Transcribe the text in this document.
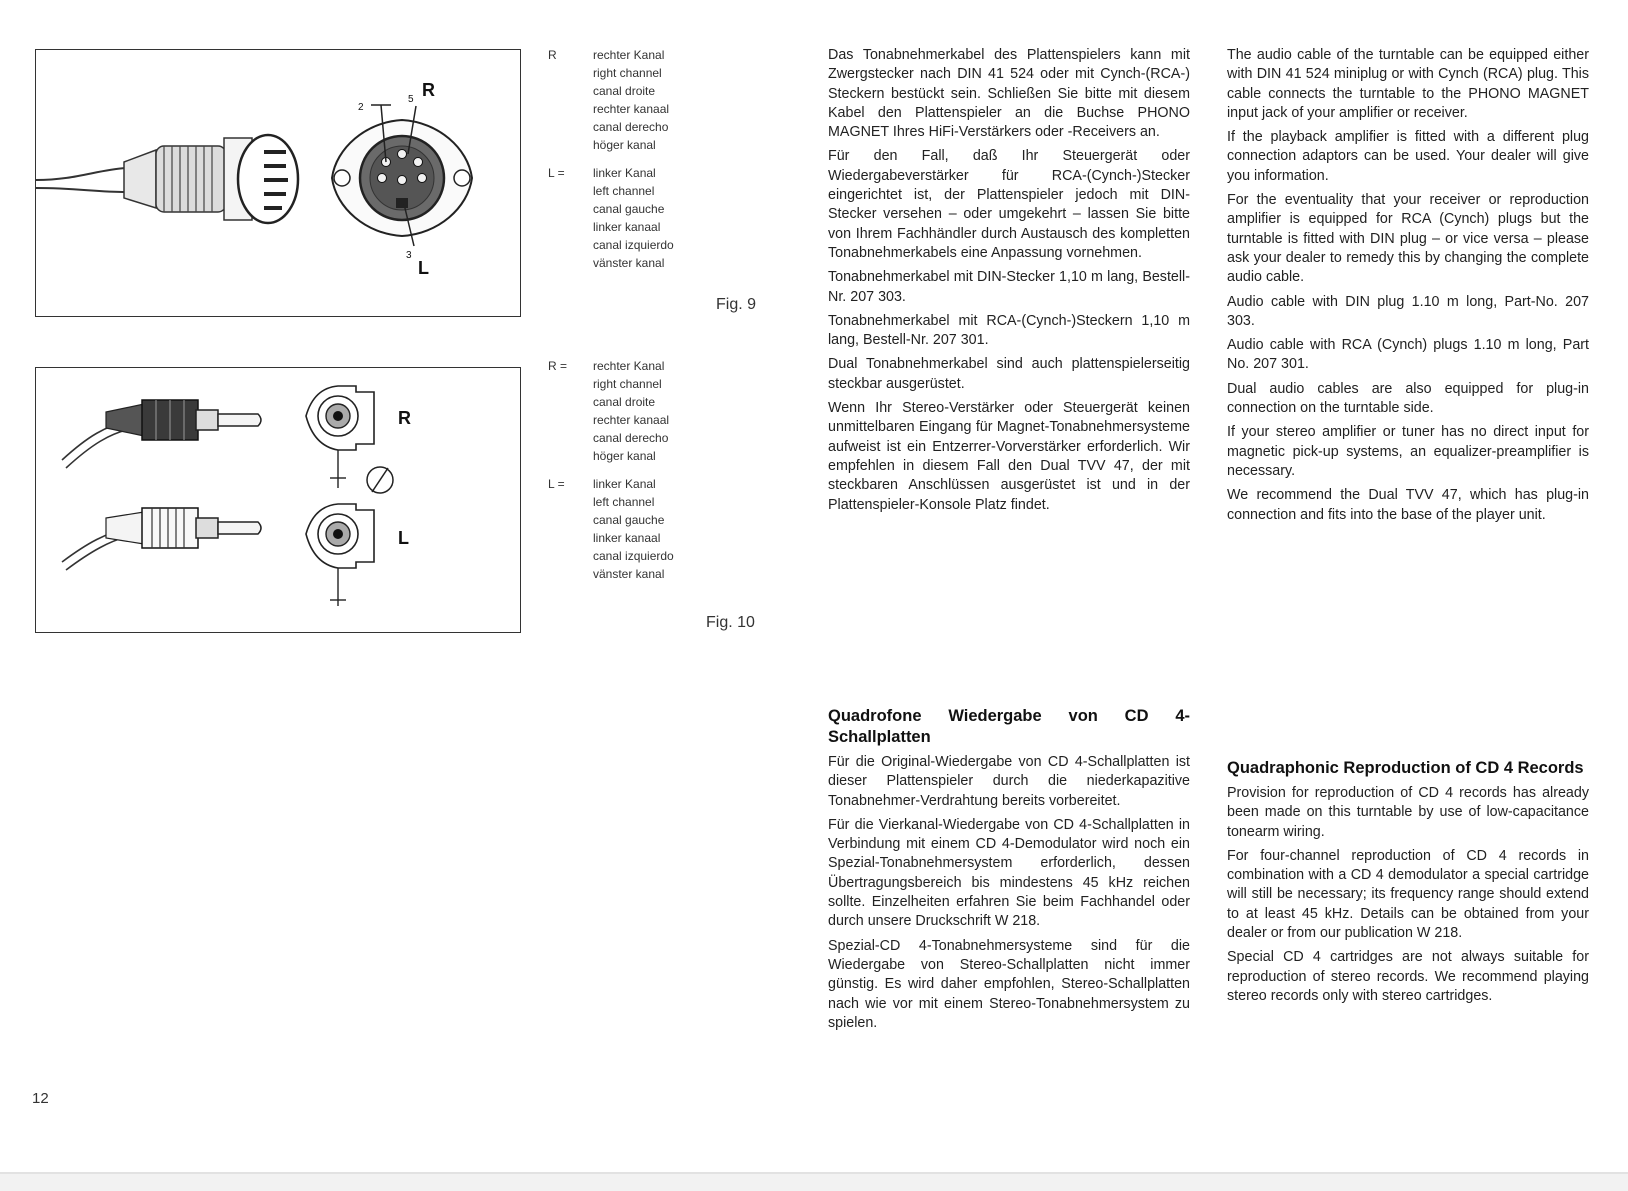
R
2
5
3
L
R	rechter Kanal
right channel
canal droite
rechter kanaal
canal derecho
höger kanal
L =	linker Kanal
left channel
canal gauche
linker kanaal
canal izquierdo
vänster kanal
Fig. 9
R
L
R =	rechter Kanal
right channel
canal droite
rechter kanaal
canal derecho
höger kanal
L =	linker Kanal
left channel
canal gauche
linker kanaal
canal izquierdo
vänster kanal
Fig. 10

Das Tonabnehmerkabel des Plattenspielers kann mit Zwergstecker nach DIN 41 524 oder mit Cynch-(RCA-) Steckern bestückt sein. Schließen Sie bitte mit diesem Kabel den Plattenspieler an die Buchse PHONO MAGNET Ihres HiFi-Verstärkers oder -Receivers an.

Für den Fall, daß Ihr Steuergerät oder Wiedergabeverstärker für RCA-(Cynch-)Stecker eingerichtet ist, der Plattenspieler jedoch mit DIN-Stecker versehen – oder umgekehrt – lassen Sie bitte von Ihrem Fachhändler durch Austausch des kompletten Tonabnehmerkabels eine Anpassung vornehmen.

Tonabnehmerkabel mit DIN-Stecker 1,10 m lang, Bestell-Nr. 207 303.

Tonabnehmerkabel mit RCA-(Cynch-)Steckern 1,10 m lang, Bestell-Nr. 207 301.

Dual Tonabnehmerkabel sind auch plattenspielerseitig steckbar ausgerüstet.

Wenn Ihr Stereo-Verstärker oder Steuergerät keinen unmittelbaren Eingang für Magnet-Tonabnehmersysteme aufweist ist ein Entzerrer-Vorverstärker erforderlich. Wir empfehlen in diesem Fall den Dual TVV 47, der mit steckbaren Anschlüssen ausgerüstet ist und in der Plattenspieler-Konsole Platz findet.

The audio cable of the turntable can be equipped either with DIN 41 524 miniplug or with Cynch (RCA) plug. This cable connects the turntable to the PHONO MAGNET input jack of your amplifier or receiver.

If the playback amplifier is fitted with a different plug connection adaptors can be used. Your dealer will give you information.

For the eventuality that your receiver or reproduction amplifier is equipped for RCA (Cynch) plugs but the turntable is fitted with DIN plug – or vice versa – please ask your dealer to remedy this by changing the complete audio cable.

Audio cable with DIN plug 1.10 m long, Part-No. 207 303.

Audio cable with RCA (Cynch) plugs 1.10 m long, Part No. 207 301.

Dual audio cables are also equipped for plug-in connection on the turntable side.

If your stereo amplifier or tuner has no direct input for magnetic pick-up systems, an equalizer-preamplifier is necessary.

We recommend the Dual TVV 47, which has plug-in connection and fits into the base of the player unit.

Quadrofone Wiedergabe von CD 4-Schallplatten

Für die Original-Wiedergabe von CD 4-Schallplatten ist dieser Plattenspieler durch die niederkapazitive Tonabnehmer-Verdrahtung bereits vorbereitet.

Für die Vierkanal-Wiedergabe von CD 4-Schallplatten in Verbindung mit einem CD 4-Demodulator wird noch ein Spezial-Tonabnehmersystem erforderlich, dessen Übertragungsbereich bis mindestens 45 kHz reichen sollte. Einzelheiten erfahren Sie beim Fachhandel oder durch unsere Druckschrift W 218.

Spezial-CD 4-Tonabnehmersysteme sind für die Wiedergabe von Stereo-Schallplatten nicht immer günstig. Es wird daher empfohlen, Stereo-Schallplatten nach wie vor mit einem Stereo-Tonabnehmersystem zu spielen.

Quadraphonic Reproduction of CD 4 Records

Provision for reproduction of CD 4 records has already been made on this turntable by use of low-capacitance tonearm wiring.

For four-channel reproduction of CD 4 records in combination with a CD 4 demodulator a special cartridge will still be necessary; its frequency range should extend to at least 45 kHz. Details can be obtained from your dealer or from our publication W 218.

Special CD 4 cartridges are not always suitable for reproduction of stereo records. We recommend playing stereo records only with stereo cartridges.

12
